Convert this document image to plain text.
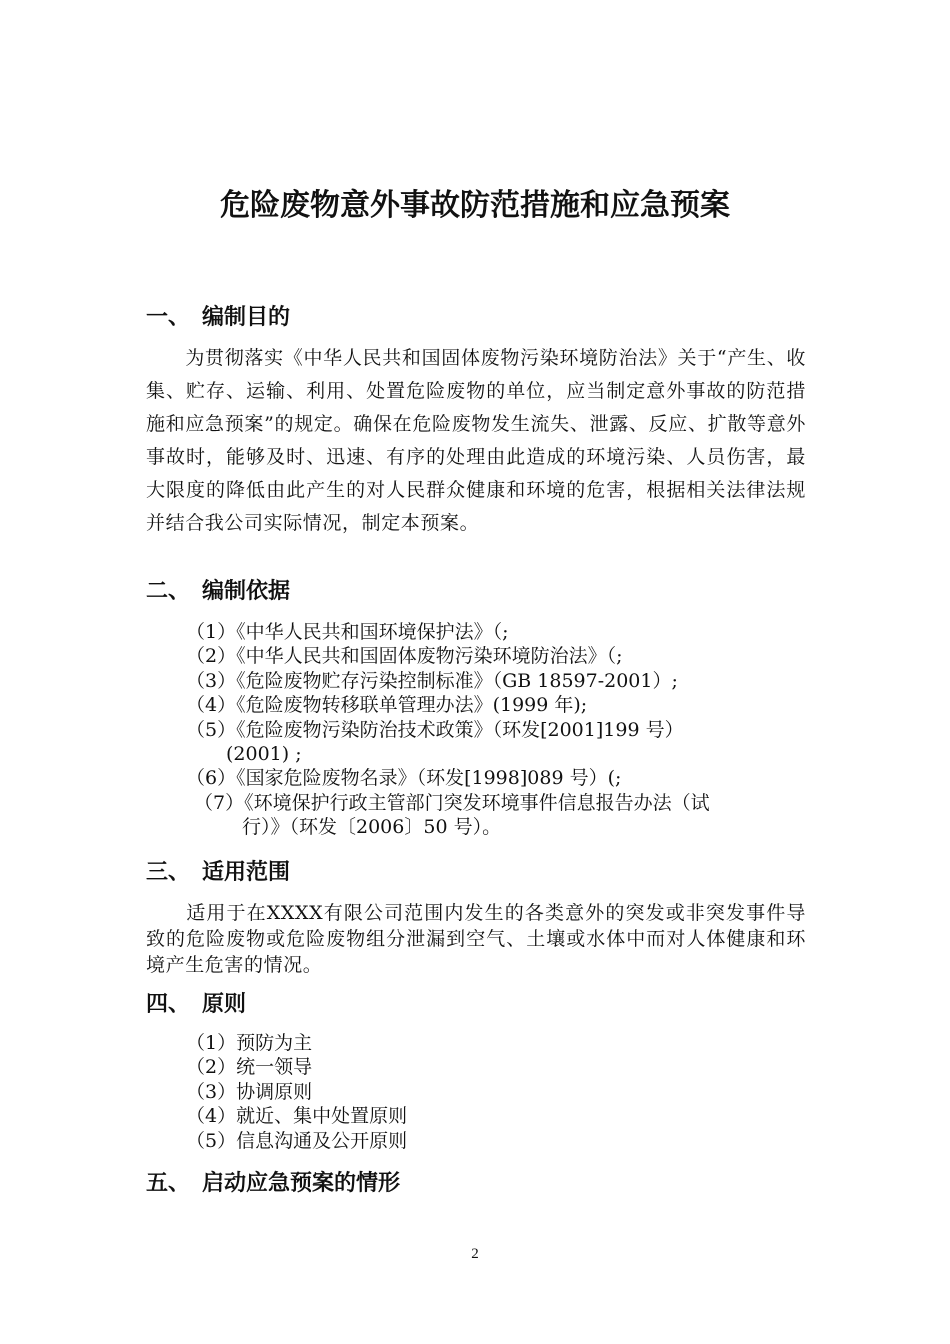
危险废物意外事故防范措施和应急预案
一、 编制目的
　　为贯彻落实《中华人民共和国固体废物污染环境防治法》关于“产生、收集、贮存、运输、利用、处置危险废物的单位，应当制定意外事故的防范措施和应急预案”的规定。确保在危险废物发生流失、泄露、反应、扩散等意外事故时，能够及时、迅速、有序的处理由此造成的环境污染、人员伤害，最大限度的降低由此产生的对人民群众健康和环境的危害，根据相关法律法规并结合我公司实际情况，制定本预案。
二、 编制依据
（1）《中华人民共和国环境保护法》（;
（2）《中华人民共和国固体废物污染环境防治法》（;
（3）《危险废物贮存污染控制标准》（GB 18597-2001）;
（4）《危险废物转移联单管理办法》(1999 年);
（5）《危险废物污染防治技术政策》（环发[2001]199 号）
(2001) ;
（6）《国家危险废物名录》（环发[1998]089 号）(;
（7）《环境保护行政主管部门突发环境事件信息报告办法（试
行）》（环发〔2006〕50 号）。
三、 适用范围
　　适用于在XXXX有限公司范围内发生的各类意外的突发或非突发事件导致的危险废物或危险废物组分泄漏到空气、土壤或水体中而对人体健康和环境产生危害的情况。
四、 原则
（1）预防为主
（2）统一领导
（3）协调原则
（4）就近、集中处置原则
（5）信息沟通及公开原则
五、 启动应急预案的情形
2
